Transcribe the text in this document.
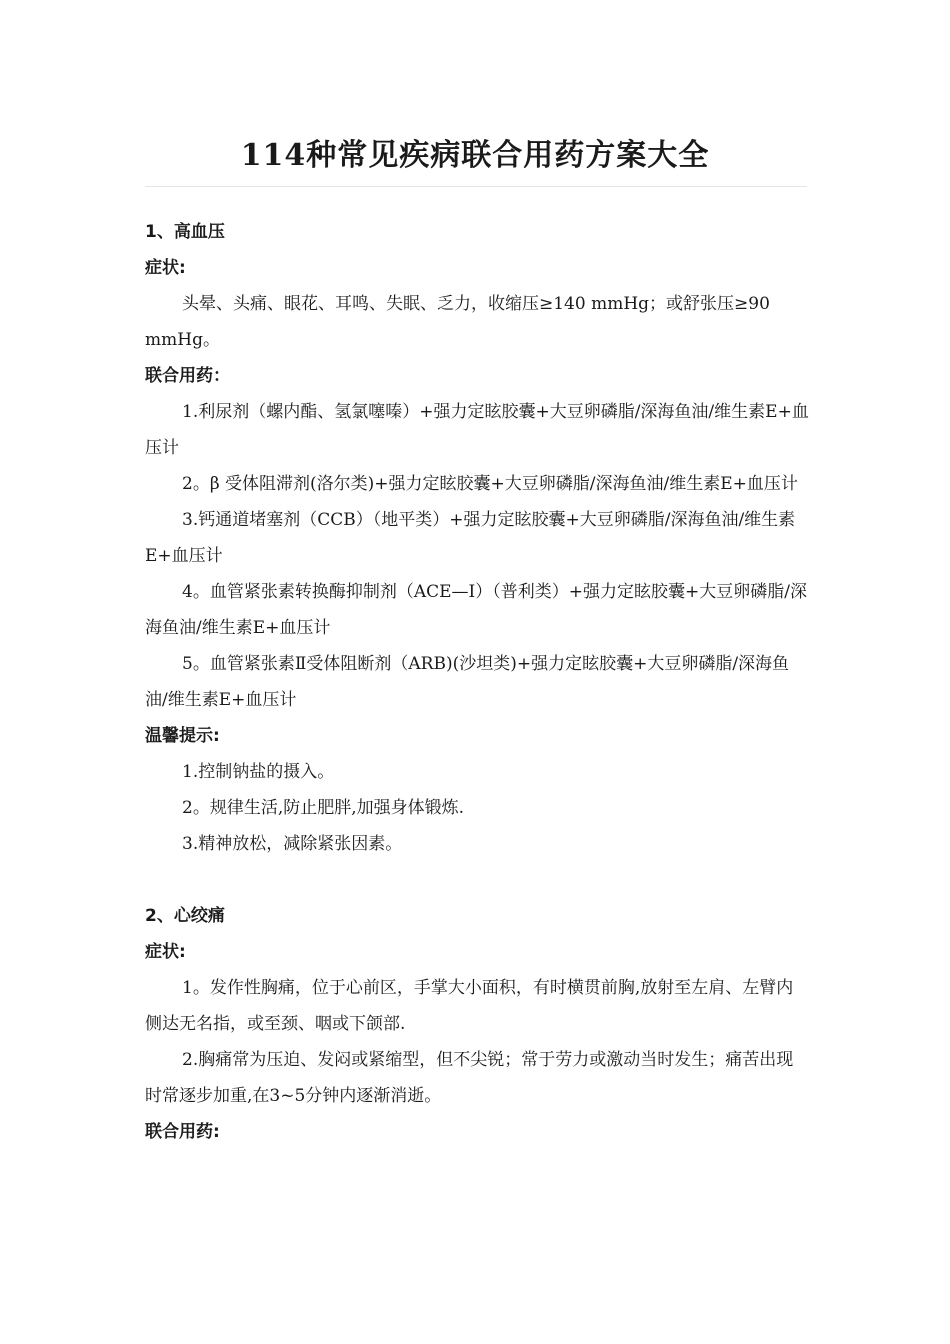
114种常见疾病联合用药方案大全

1、高血压

症状:

头晕、头痛、眼花、耳鸣、失眠、乏力，收缩压≥140 mmHg；或舒张压≥90 mmHg。

联合用药：

1.利尿剂（螺内酯、氢氯噻嗪）+强力定眩胶囊+大豆卵磷脂/深海鱼油/维生素E+血压计

2。β 受体阻滞剂(洛尔类)+强力定眩胶囊+大豆卵磷脂/深海鱼油/维生素E+血压计

3.钙通道堵塞剂（CCB）（地平类）+强力定眩胶囊+大豆卵磷脂/深海鱼油/维生素E+血压计

4。血管紧张素转换酶抑制剂（ACE—I）（普利类）+强力定眩胶囊+大豆卵磷脂/深海鱼油/维生素E+血压计

5。血管紧张素Ⅱ受体阻断剂（ARB)(沙坦类)+强力定眩胶囊+大豆卵磷脂/深海鱼油/维生素E+血压计

温馨提示:

1.控制钠盐的摄入。

2。规律生活,防止肥胖,加强身体锻炼.

3.精神放松，减除紧张因素。

2、心绞痛

症状:

1。发作性胸痛，位于心前区，手掌大小面积，有时横贯前胸,放射至左肩、左臂内侧达无名指，或至颈、咽或下颌部.

2.胸痛常为压迫、发闷或紧缩型，但不尖锐；常于劳力或激动当时发生；痛苦出现时常逐步加重,在3~5分钟内逐渐消逝。

联合用药:
